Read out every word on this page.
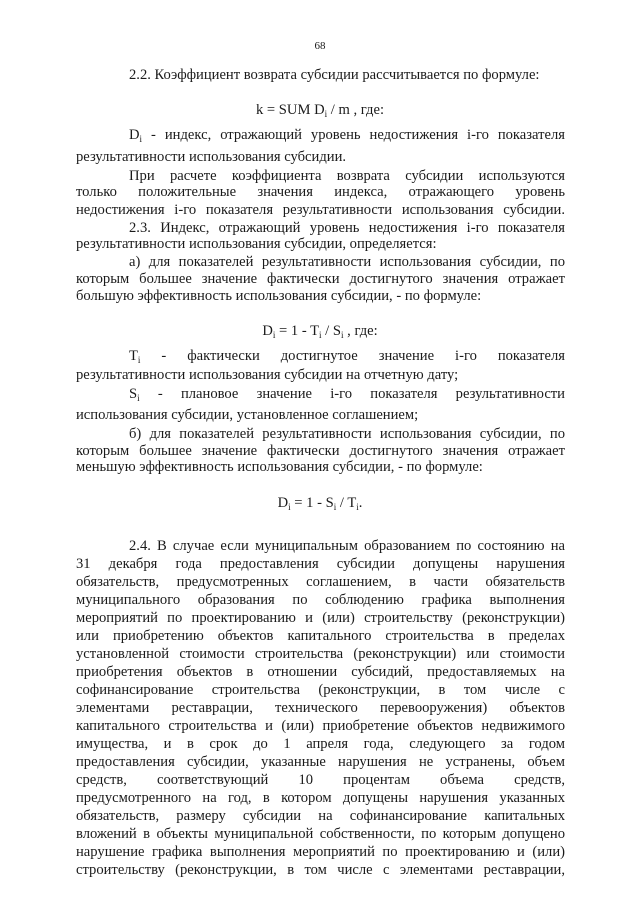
68
2.2. Коэффициент возврата субсидии рассчитывается по формуле:
k = SUM $D_i$ / m , где:
$D_i$ - индекс, отражающий уровень недостижения i-го показателя
результативности использования субсидии.
При расчете коэффициента возврата субсидии используются
только положительные значения индекса, отражающего уровень
недостижения i-го показателя результативности использования субсидии.
2.3. Индекс, отражающий уровень недостижения i-го показателя
результативности использования субсидии, определяется:
а) для показателей результативности использования субсидии, по
которым большее значение фактически достигнутого значения отражает
большую эффективность использования субсидии, - по формуле:
$D_i = 1 - T_i / S_i$ , где:
$T_i$ - фактически достигнутое значение i-го показателя
результативности использования субсидии на отчетную дату;
$S_i$ - плановое значение i-го показателя результативности
использования субсидии, установленное соглашением;
б) для показателей результативности использования субсидии, по
которым большее значение фактически достигнутого значения отражает
меньшую эффективность использования субсидии, - по формуле:
$D_i = 1 - S_i / T_i$.
2.4. В случае если муниципальным образованием по состоянию на
31 декабря года предоставления субсидии допущены нарушения
обязательств, предусмотренных соглашением, в части обязательств
муниципального образования по соблюдению графика выполнения
мероприятий по проектированию и (или) строительству (реконструкции)
или приобретению объектов капитального строительства в пределах
установленной стоимости строительства (реконструкции) или стоимости
приобретения объектов в отношении субсидий, предоставляемых на
софинансирование строительства (реконструкции, в том числе с
элементами реставрации, технического перевооружения) объектов
капитального строительства и (или) приобретение объектов недвижимого
имущества, и в срок до 1 апреля года, следующего за годом
предоставления субсидии, указанные нарушения не устранены, объем
средств, соответствующий 10 процентам объема средств,
предусмотренного на год, в котором допущены нарушения указанных
обязательств, размеру субсидии на софинансирование капитальных
вложений в объекты муниципальной собственности, по которым допущено
нарушение графика выполнения мероприятий по проектированию и (или)
строительству (реконструкции, в том числе с элементами реставрации,
